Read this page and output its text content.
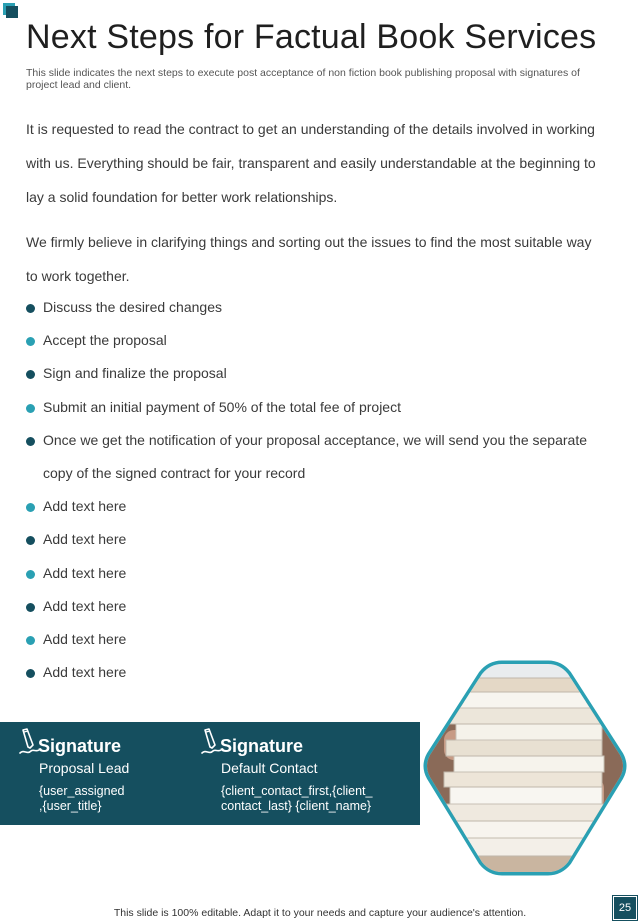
Next Steps for Factual Book Services
This slide indicates the next steps to execute post acceptance of non fiction book publishing proposal with signatures of project lead and client.
It is requested to read the contract to get an understanding of the details involved in working with us. Everything should be fair, transparent and easily understandable at the beginning to lay a solid foundation for better work relationships.
We firmly believe in clarifying things and sorting out the issues to find the most suitable way to work together.
Discuss the desired changes
Accept the proposal
Sign and finalize the proposal
Submit an initial payment of 50% of the total fee of project
Once we get the notification of your proposal acceptance, we will send you the separate copy of the signed contract for your record
Add text here
Add text here
Add text here
Add text here
Add text here
Add text here
Signature
Proposal Lead
{user_assigned
,{user_title}
Signature
Default Contact
{client_contact_first,{client_
contact_last} {client_name}
This slide is 100% editable. Adapt it to your needs and capture your audience's attention.	25
